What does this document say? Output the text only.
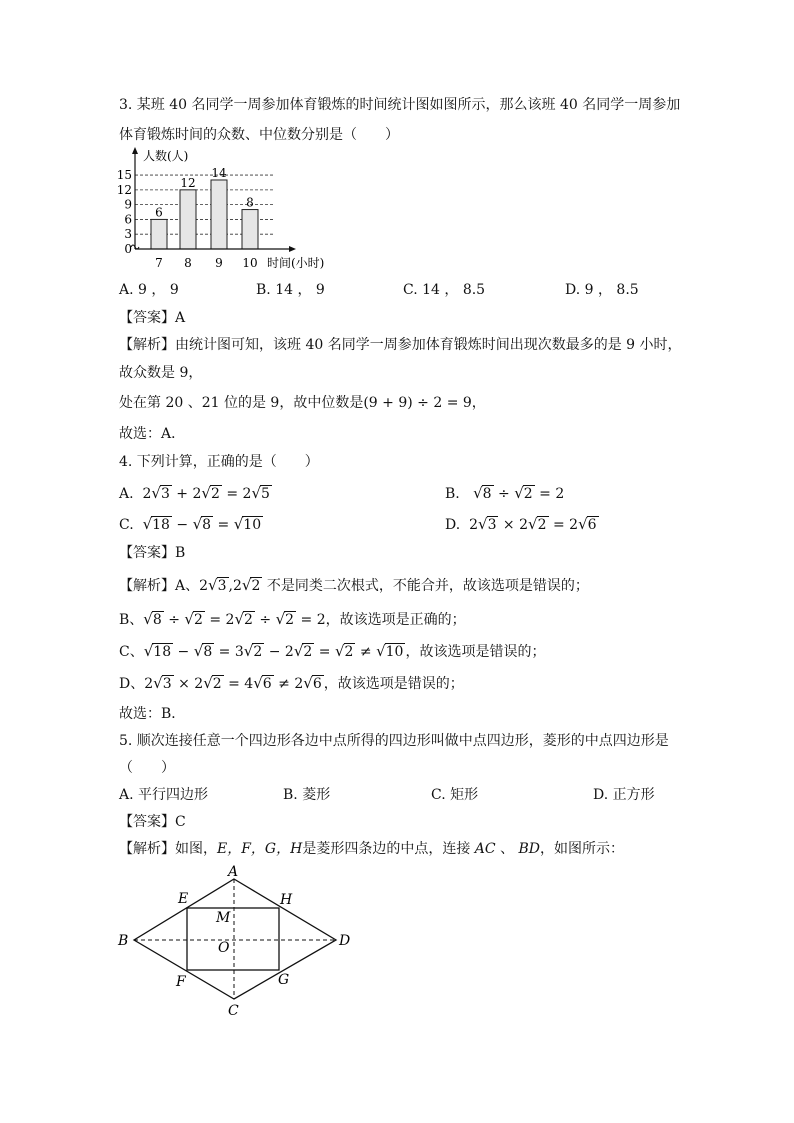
3. 某班 40 名同学一周参加体育锻炼的时间统计图如图所示，那么该班 40 名同学一周参加
体育锻炼时间的众数、中位数分别是（　　）
6
12
14
8
0
3
6
9
12
15
7 8 9 10
人数(人)
时间(小时)
A. 9 ， 9	B. 14 ， 9	C. 14 ， 8.5	D. 9 ， 8.5
【答案】A
【解析】由统计图可知，该班 40 名同学一周参加体育锻炼时间出现次数最多的是 9 小时，
故众数是 9，
处在第 20 、21 位的是 9，故中位数是(9 + 9) ÷ 2 = 9，
故选：A．
4. 下列计算，正确的是（　　）
A.  2√3 + 2√2 = 2√5	B. √8 ÷ √2 = 2
C. √18 − √8 = √10	D.  2√3 × 2√2 = 2√6
【答案】B
【解析】A、2√3 ,2√2 不是同类二次根式，不能合并，故该选项是错误的；
B、√8 ÷ √2 = 2√2 ÷ √2 = 2，故该选项是正确的；
C、√18 − √8 = 3√2 − 2√2 = √2 ≠ √10 ，故该选项是错误的；
D、2√3 × 2√2 = 4√6 ≠ 2√6 ，故该选项是错误的；
故选：B．
5. 顺次连接任意一个四边形各边中点所得的四边形叫做中点四边形，菱形的中点四边形是
（　　）
A. 平行四边形	B. 菱形	C. 矩形	D. 正方形
【答案】C
【解析】如图，E，F，G，H是菱形四条边的中点，连接 AC 、 BD，如图所示：
A
B
C
D
E
F	G
H
M
O
